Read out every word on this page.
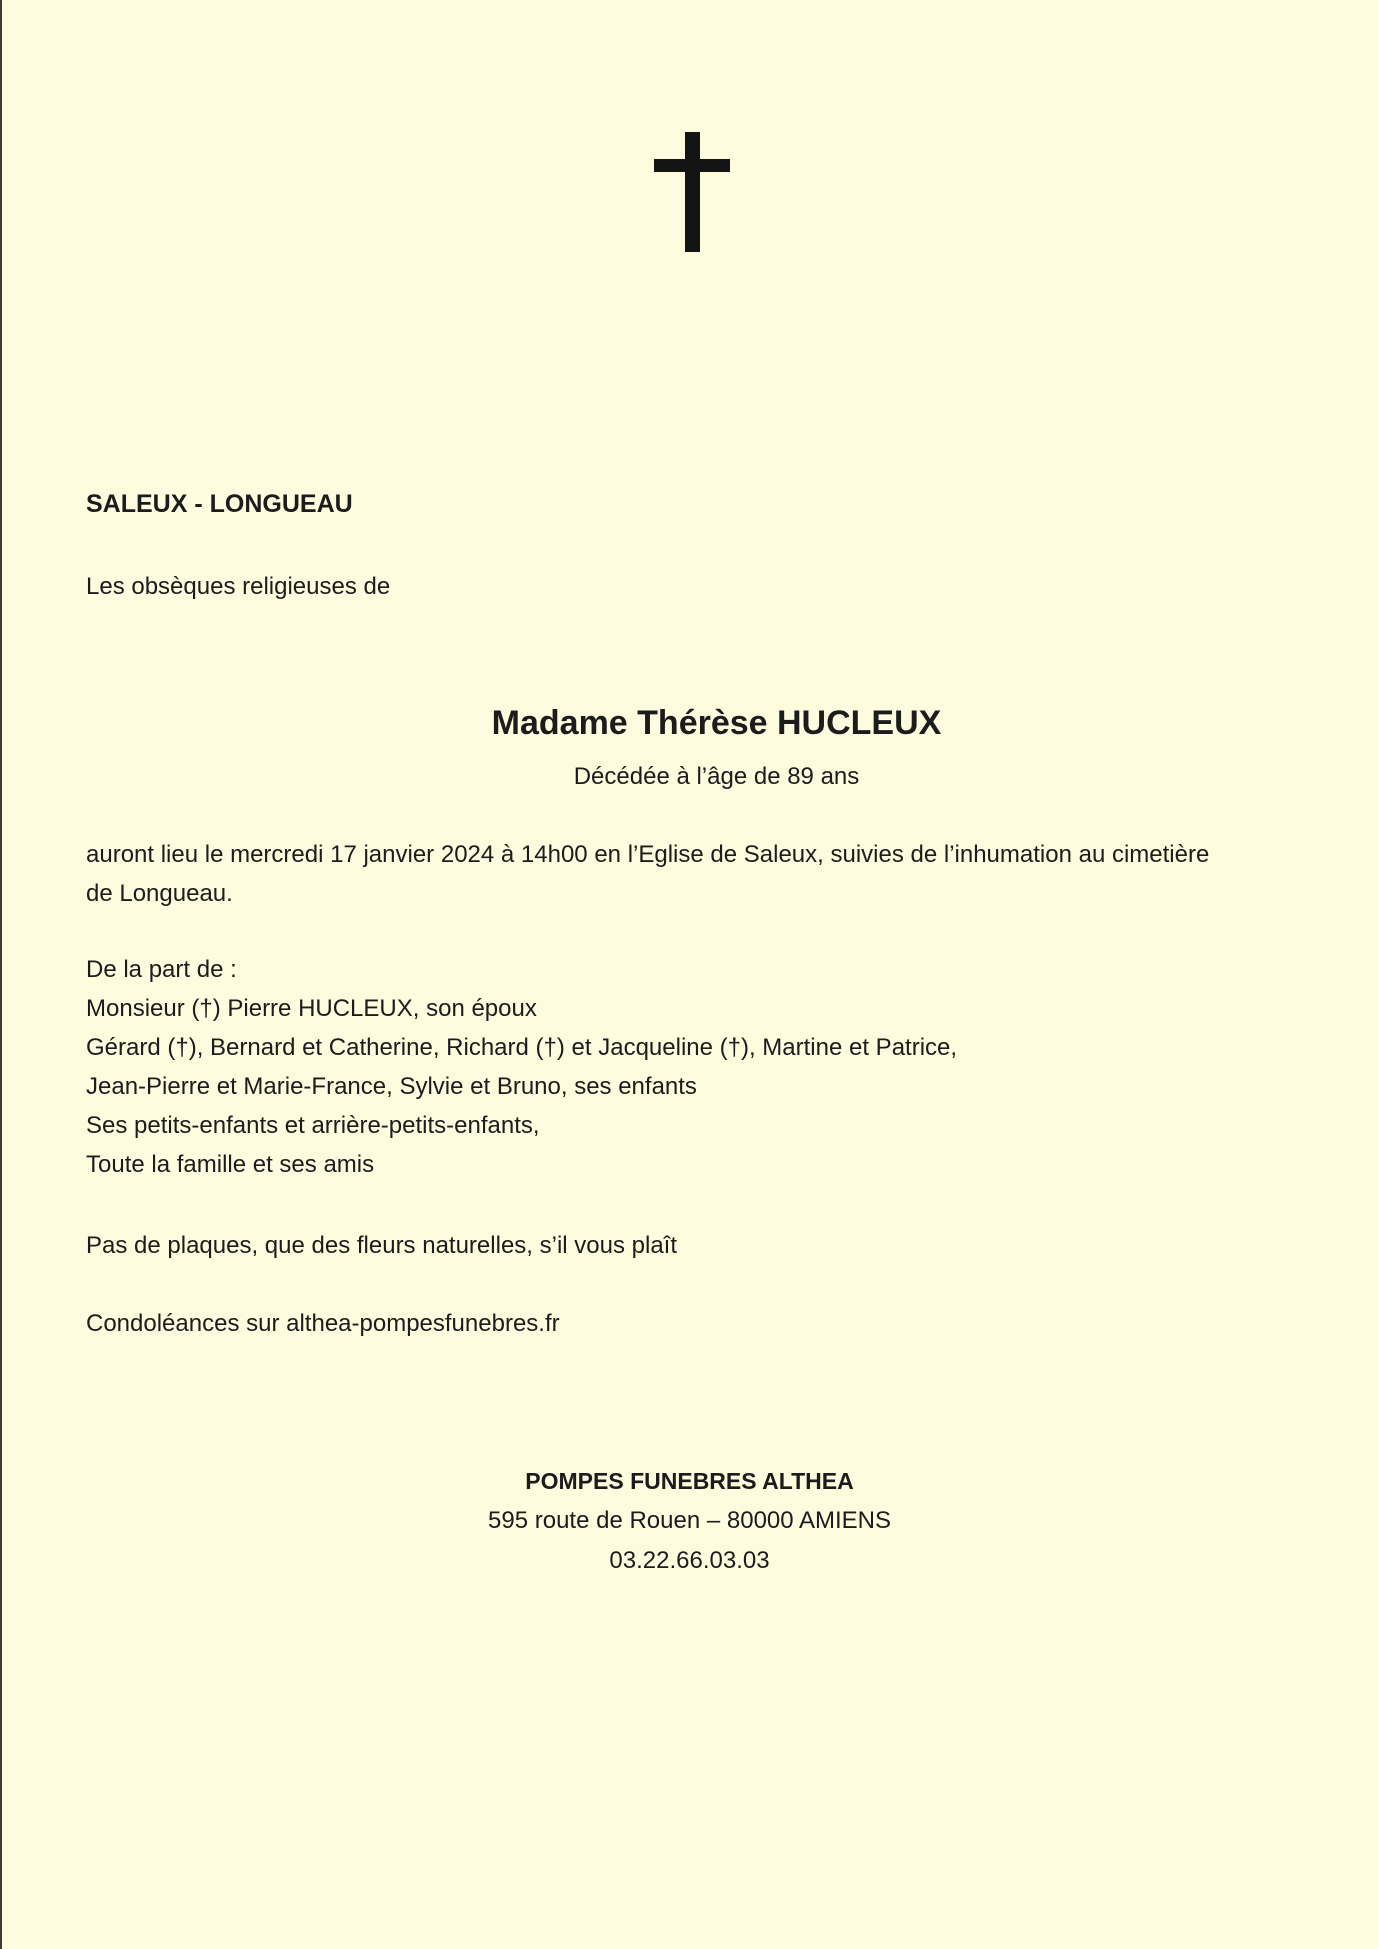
SALEUX - LONGUEAU
Les obsèques religieuses de
Madame Thérèse HUCLEUX
Décédée à l’âge de 89 ans
auront lieu le mercredi 17 janvier 2024 à 14h00 en l’Eglise de Saleux, suivies de l’inhumation au cimetière
de Longueau.
De la part de :
Monsieur (†) Pierre HUCLEUX, son époux
Gérard (†), Bernard et Catherine, Richard (†) et Jacqueline (†), Martine et Patrice,
Jean-Pierre et Marie-France, Sylvie et Bruno, ses enfants
Ses petits-enfants et arrière-petits-enfants,
Toute la famille et ses amis
Pas de plaques, que des fleurs naturelles, s’il vous plaît
Condoléances sur althea-pompesfunebres.fr
POMPES FUNEBRES ALTHEA
595 route de Rouen – 80000 AMIENS
03.22.66.03.03
